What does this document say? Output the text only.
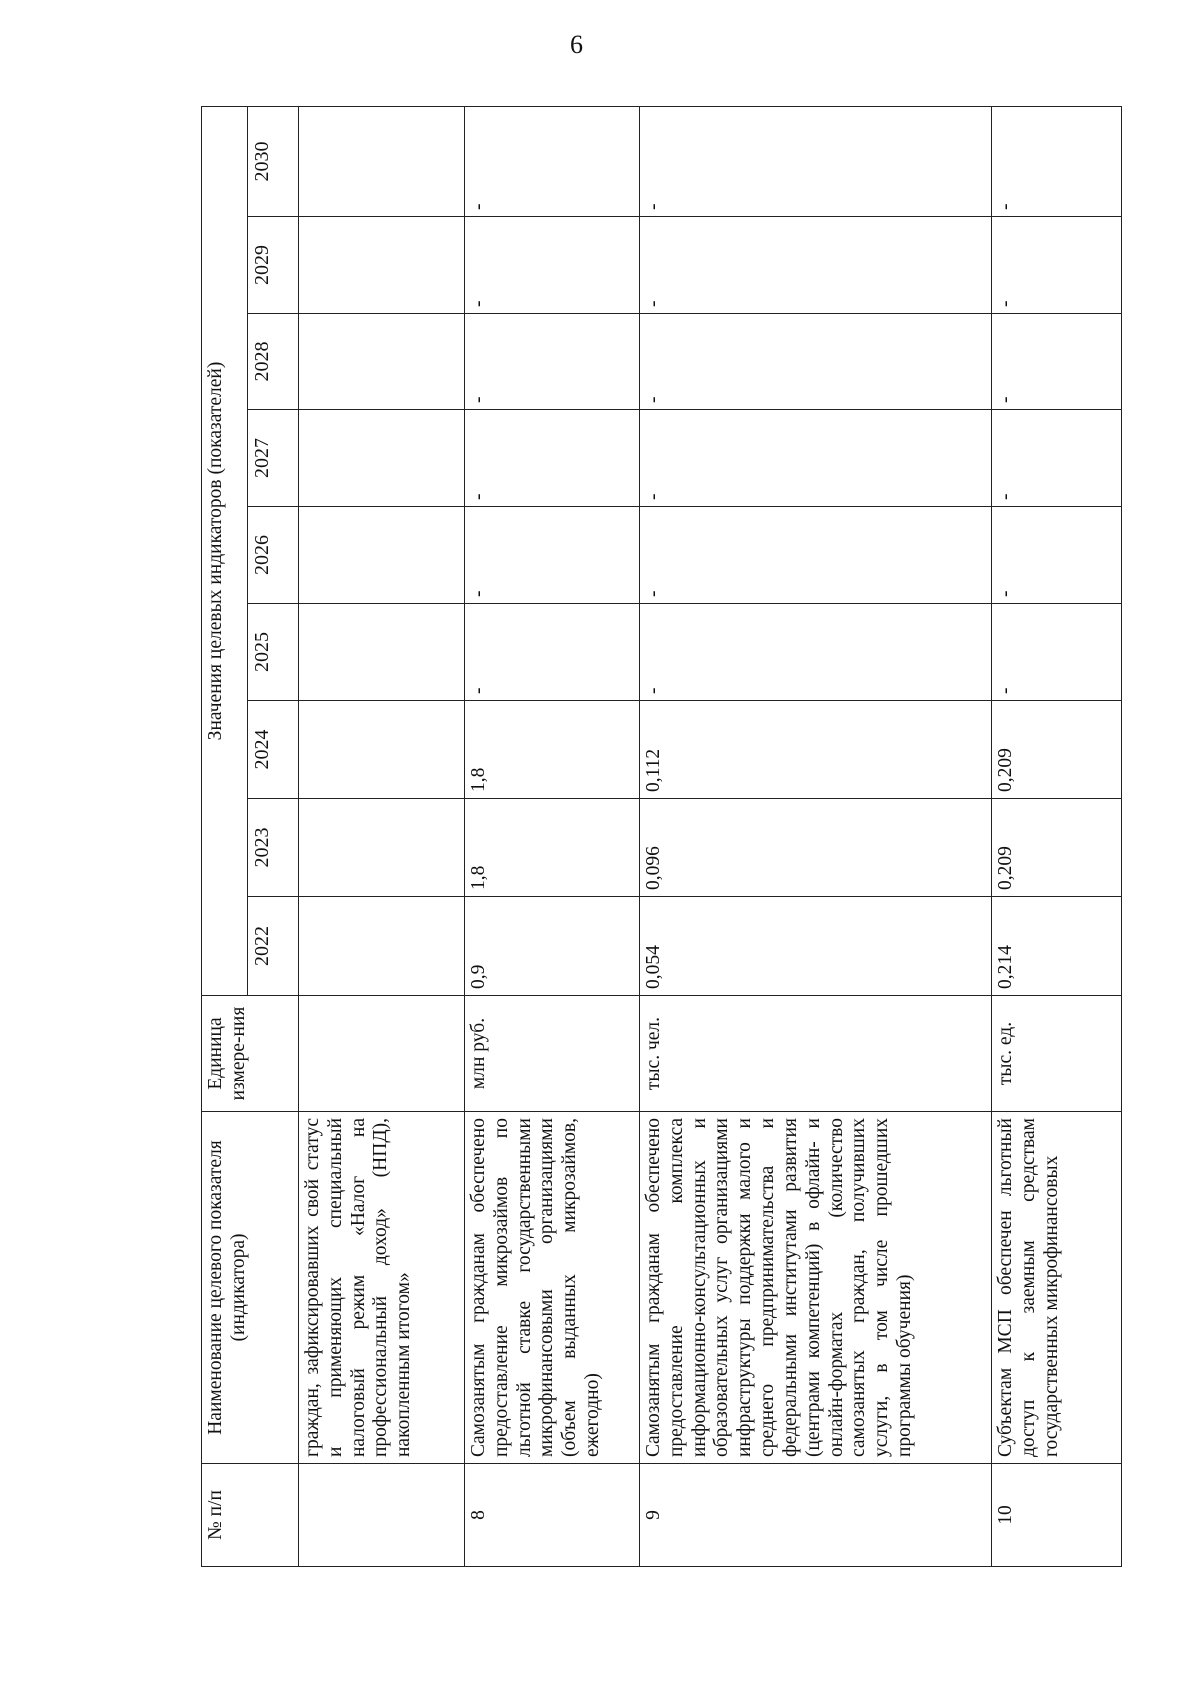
6
№ п/п	Наименование целевого показателя (индикатора)	Единица измере-ния	Значения целевых индикаторов (показателей)								
			2022	2023	2024	2025	2026	2027	2028	2029	2030
	граждан, зафиксировавших свой статус и применяющих специальный налоговый режим «Налог на профессиональный доход» (НПД), накопленным итогом»										
8	Самозанятым гражданам обеспечено предоставление микрозаймов по льготной ставке государственными микрофинансовыми организациями (объем выданных микрозаймов, ежегодно)	млн руб.	0,9	1,8	1,8	-	-	-	-	-	-
9	Самозанятым гражданам обеспечено предоставление комплекса информационно-консультационных и образовательных услуг организациями инфраструктуры поддержки малого и среднего предпринимательства и федеральными институтами развития (центрами компетенций) в офлайн- и онлайн-форматах (количество самозанятых граждан, получивших услуги, в том числе прошедших программы обучения)	тыс. чел.	0,054	0,096	0,112	-	-	-	-	-	-
10	Субъектам МСП обеспечен льготный доступ к заемным средствам государственных микрофинансовых	тыс. ед.	0,214	0,209	0,209	-	-	-	-	-	-
